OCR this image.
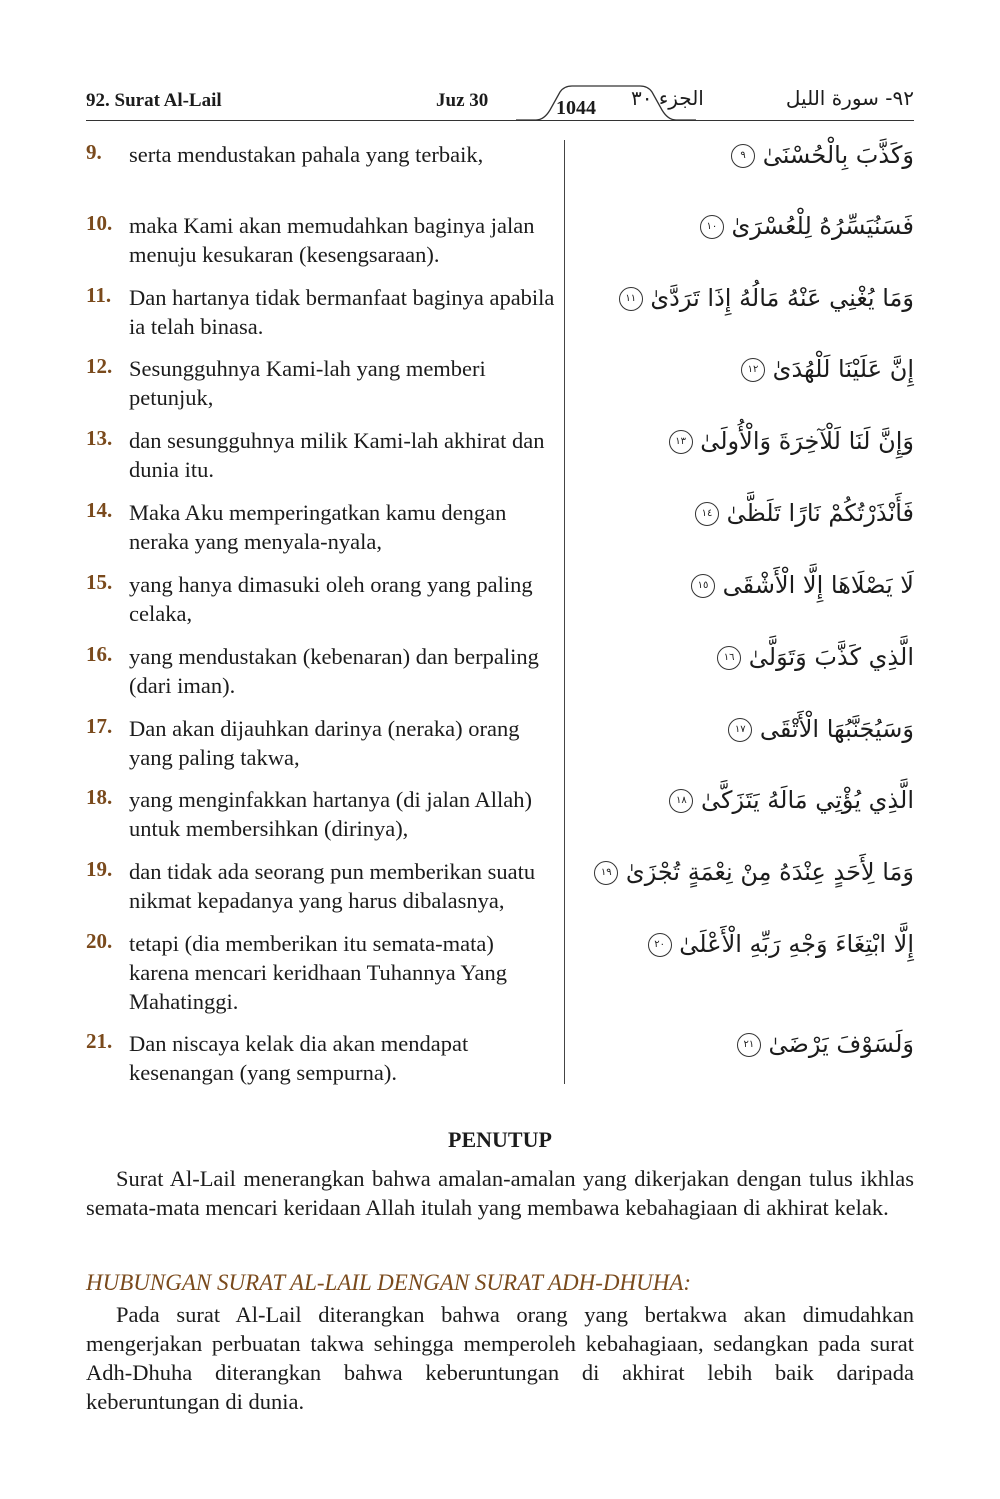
92. Surat Al-Lail	Juz 30	1044	الجزء ٣٠	٩٢- سورة الليل
9. serta mendustakan pahala yang terbaik,	وَكَذَّبَ بِالْحُسْنَىٰ ٩
10. maka Kami akan memudahkan baginya jalan menuju kesukaran (kesengsaraan).
فَسَنُيَسِّرُهُ لِلْعُسْرَىٰ ١٠
11. Dan hartanya tidak bermanfaat baginya apabila ia telah binasa.
وَمَا يُغْنِي عَنْهُ مَالُهُ إِذَا تَرَدَّىٰ ١١
12. Sesungguhnya Kami-lah yang memberi petunjuk,
إِنَّ عَلَيْنَا لَلْهُدَىٰ ١٢
13. dan sesungguhnya milik Kami-lah akhirat dan dunia itu.
وَإِنَّ لَنَا لَلْآخِرَةَ وَالْأُولَىٰ ١٣
14. Maka Aku memperingatkan kamu dengan neraka yang menyala-nyala,
فَأَنْذَرْتُكُمْ نَارًا تَلَظَّىٰ ١٤
15. yang hanya dimasuki oleh orang yang paling celaka,
لَا يَصْلَاهَا إِلَّا الْأَشْقَى ١٥
16. yang mendustakan (kebenaran) dan berpaling (dari iman).
الَّذِي كَذَّبَ وَتَوَلَّىٰ ١٦
17. Dan akan dijauhkan darinya (neraka) orang yang paling takwa,
وَسَيُجَنَّبُهَا الْأَتْقَى ١٧
18. yang menginfakkan hartanya (di jalan Allah) untuk membersihkan (dirinya),
الَّذِي يُؤْتِي مَالَهُ يَتَزَكَّىٰ ١٨
19. dan tidak ada seorang pun memberikan suatu nikmat kepadanya yang harus dibalasnya,
وَمَا لِأَحَدٍ عِنْدَهُ مِنْ نِعْمَةٍ تُجْزَىٰ ١٩
20. tetapi (dia memberikan itu semata-mata) karena mencari keridhaan Tuhannya Yang Mahatinggi.
إِلَّا ابْتِغَاءَ وَجْهِ رَبِّهِ الْأَعْلَىٰ ٢٠
21. Dan niscaya kelak dia akan mendapat kesenangan (yang sempurna).
وَلَسَوْفَ يَرْضَىٰ ٢١
PENUTUP
Surat Al-Lail menerangkan bahwa amalan-amalan yang dikerjakan dengan tulus ikhlas semata-mata mencari keridaan Allah itulah yang membawa kebahagiaan di akhirat kelak.
HUBUNGAN SURAT AL-LAIL DENGAN SURAT ADH-DHUHA:
Pada surat Al-Lail diterangkan bahwa orang yang bertakwa akan dimudahkan mengerjakan perbuatan takwa sehingga memperoleh kebahagiaan, sedangkan pada surat Adh-Dhuha diterangkan bahwa keberuntungan di akhirat lebih baik daripada keberuntungan di dunia.
